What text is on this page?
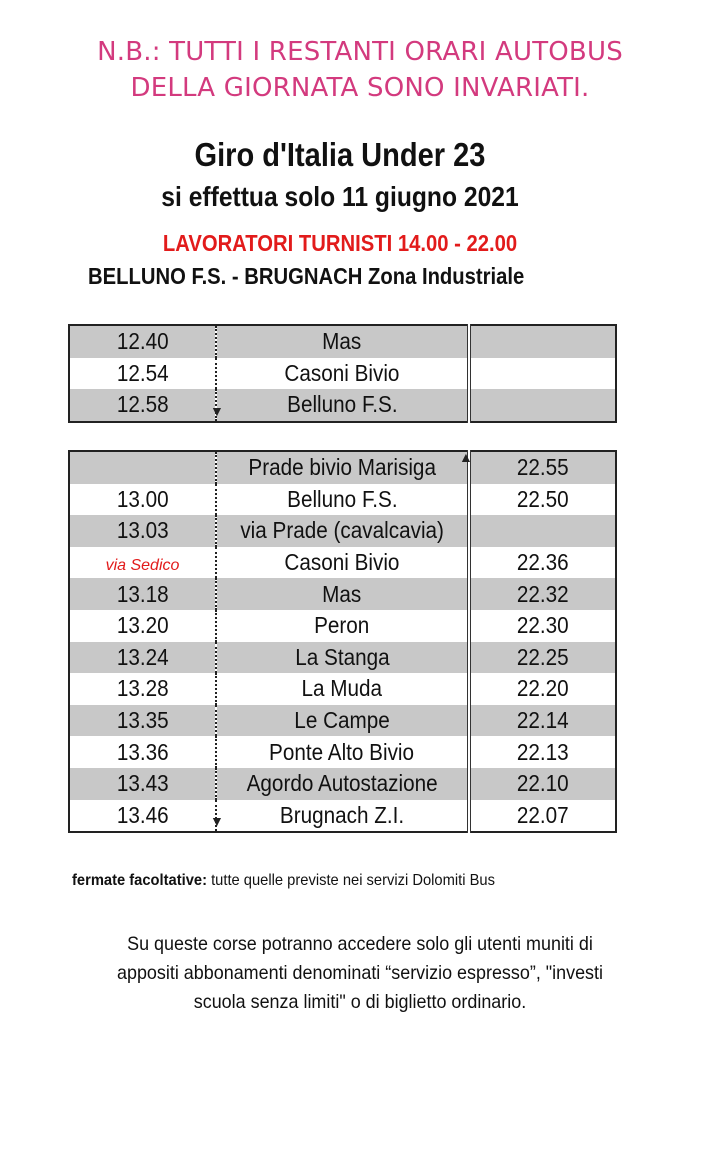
N.B.: TUTTI I RESTANTI ORARI AUTOBUS
DELLA GIORNATA SONO INVARIATI.
Giro d'Italia Under 23
si effettua solo 11 giugno 2021
LAVORATORI TURNISTI 14.00 - 22.00
BELLUNO F.S. - BRUGNACH Zona Industriale
12.40	Mas	
12.54	Casoni Bivio	
12.58	Belluno F.S.	
▼
	Prade bivio Marisiga	22.55
13.00	Belluno F.S.	22.50
13.03	via Prade (cavalcavia)	
via Sedico	Casoni Bivio	22.36
13.18	Mas	22.32
13.20	Peron	22.30
13.24	La Stanga	22.25
13.28	La Muda	22.20
13.35	Le Campe	22.14
13.36	Ponte Alto Bivio	22.13
13.43	Agordo Autostazione	22.10
13.46	Brugnach Z.I.	22.07
▲
▼
fermate facoltative: tutte quelle previste nei servizi Dolomiti Bus
Su queste corse potranno accedere solo gli utenti muniti di
appositi abbonamenti denominati “servizio espresso”, "investi
scuola senza limiti" o di biglietto ordinario.
